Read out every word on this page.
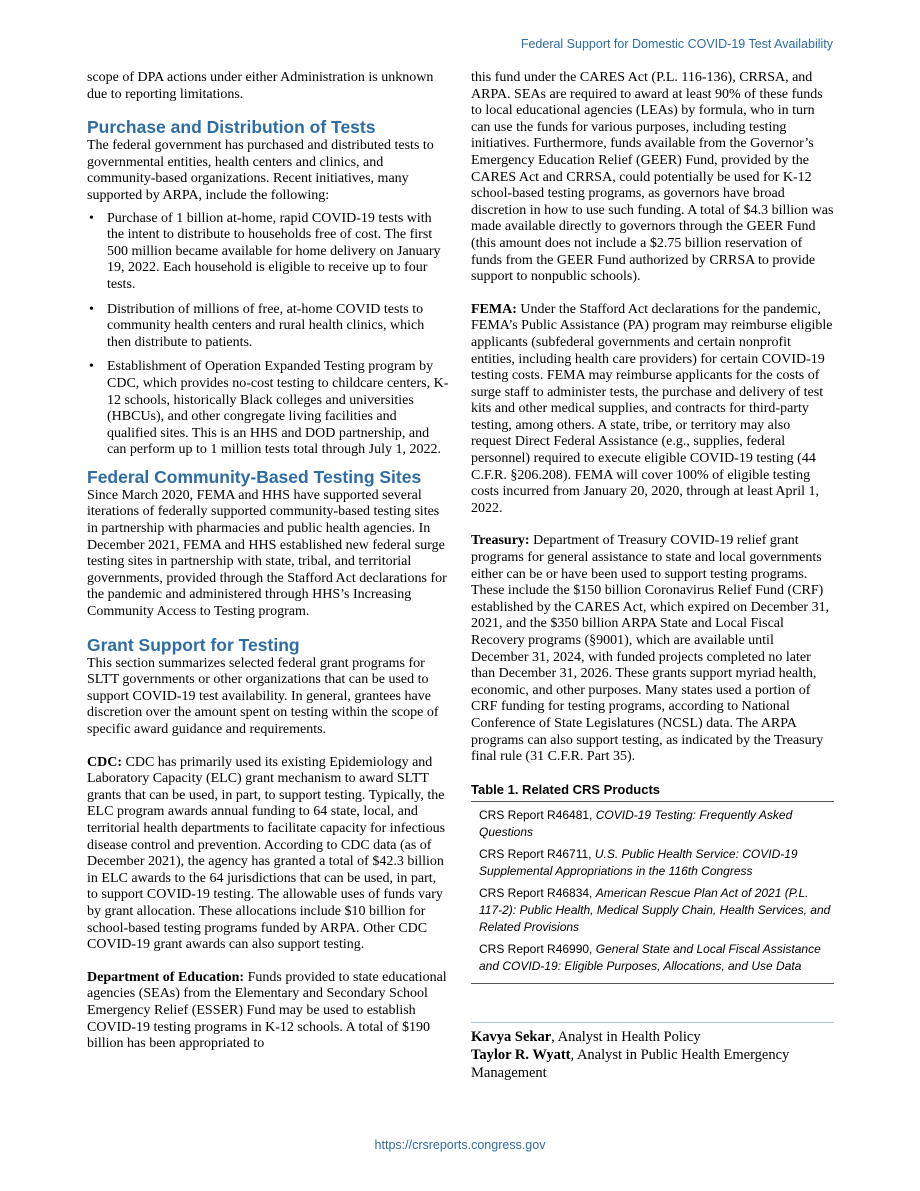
Federal Support for Domestic COVID-19 Test Availability

scope of DPA actions under either Administration is unknown due to reporting limitations.

Purchase and Distribution of Tests

The federal government has purchased and distributed tests to governmental entities, health centers and clinics, and community-based organizations. Recent initiatives, many supported by ARPA, include the following:

• Purchase of 1 billion at-home, rapid COVID-19 tests with the intent to distribute to households free of cost. The first 500 million became available for home delivery on January 19, 2022. Each household is eligible to receive up to four tests.
• Distribution of millions of free, at-home COVID tests to community health centers and rural health clinics, which then distribute to patients.
• Establishment of Operation Expanded Testing program by CDC, which provides no-cost testing to childcare centers, K-12 schools, historically Black colleges and universities (HBCUs), and other congregate living facilities and qualified sites. This is an HHS and DOD partnership, and can perform up to 1 million tests total through July 1, 2022.
Federal Community-Based Testing Sites

Since March 2020, FEMA and HHS have supported several iterations of federally supported community-based testing sites in partnership with pharmacies and public health agencies. In December 2021, FEMA and HHS established new federal surge testing sites in partnership with state, tribal, and territorial governments, provided through the Stafford Act declarations for the pandemic and administered through HHS’s Increasing Community Access to Testing program.

Grant Support for Testing

This section summarizes selected federal grant programs for SLTT governments or other organizations that can be used to support COVID-19 test availability. In general, grantees have discretion over the amount spent on testing within the scope of specific award guidance and requirements.

CDC: CDC has primarily used its existing Epidemiology and Laboratory Capacity (ELC) grant mechanism to award SLTT grants that can be used, in part, to support testing. Typically, the ELC program awards annual funding to 64 state, local, and territorial health departments to facilitate capacity for infectious disease control and prevention. According to CDC data (as of December 2021), the agency has granted a total of $42.3 billion in ELC awards to the 64 jurisdictions that can be used, in part, to support COVID-19 testing. The allowable uses of funds vary by grant allocation. These allocations include $10 billion for school-based testing programs funded by ARPA. Other CDC COVID-19 grant awards can also support testing.

Department of Education: Funds provided to state educational agencies (SEAs) from the Elementary and Secondary School Emergency Relief (ESSER) Fund may be used to establish COVID-19 testing programs in K-12 schools. A total of $190 billion has been appropriated to

this fund under the CARES Act (P.L. 116-136), CRRSA, and ARPA. SEAs are required to award at least 90% of these funds to local educational agencies (LEAs) by formula, who in turn can use the funds for various purposes, including testing initiatives. Furthermore, funds available from the Governor’s Emergency Education Relief (GEER) Fund, provided by the CARES Act and CRRSA, could potentially be used for K-12 school-based testing programs, as governors have broad discretion in how to use such funding. A total of $4.3 billion was made available directly to governors through the GEER Fund (this amount does not include a $2.75 billion reservation of funds from the GEER Fund authorized by CRRSA to provide support to nonpublic schools).

FEMA: Under the Stafford Act declarations for the pandemic, FEMA’s Public Assistance (PA) program may reimburse eligible applicants (subfederal governments and certain nonprofit entities, including health care providers) for certain COVID-19 testing costs. FEMA may reimburse applicants for the costs of surge staff to administer tests, the purchase and delivery of test kits and other medical supplies, and contracts for third-party testing, among others. A state, tribe, or territory may also request Direct Federal Assistance (e.g., supplies, federal personnel) required to execute eligible COVID-19 testing (44 C.F.R. §206.208). FEMA will cover 100% of eligible testing costs incurred from January 20, 2020, through at least April 1, 2022.

Treasury: Department of Treasury COVID-19 relief grant programs for general assistance to state and local governments either can be or have been used to support testing programs. These include the $150 billion Coronavirus Relief Fund (CRF) established by the CARES Act, which expired on December 31, 2021, and the $350 billion ARPA State and Local Fiscal Recovery programs (§9001), which are available until December 31, 2024, with funded projects completed no later than December 31, 2026. These grants support myriad health, economic, and other purposes. Many states used a portion of CRF funding for testing programs, according to National Conference of State Legislatures (NCSL) data. The ARPA programs can also support testing, as indicated by the Treasury final rule (31 C.F.R. Part 35).

Table 1. Related CRS Products
CRS Report R46481, COVID-19 Testing: Frequently Asked Questions
CRS Report R46711, U.S. Public Health Service: COVID-19 Supplemental Appropriations in the 116th Congress
CRS Report R46834, American Rescue Plan Act of 2021 (P.L. 117-2): Public Health, Medical Supply Chain, Health Services, and Related Provisions
CRS Report R46990, General State and Local Fiscal Assistance and COVID-19: Eligible Purposes, Allocations, and Use Data
Kavya Sekar, Analyst in Health Policy
Taylor R. Wyatt, Analyst in Public Health Emergency Management
https://crsreports.congress.gov
